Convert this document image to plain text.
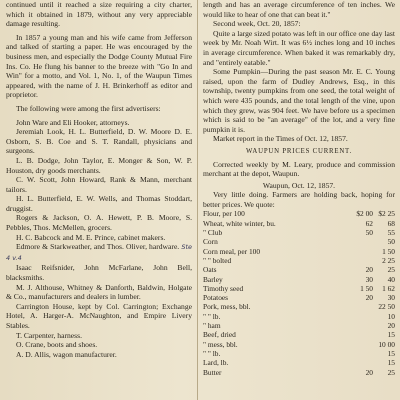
continued until it reached a size requiring a city charter, which it obtained in 1879, without any very appreciable damage resulting.

In 1857 a young man and his wife came from Jefferson and talked of starting a paper. He was encouraged by the business men, and especially the Dodge County Mutual Fire Ins. Co. He flung his banner to the breeze with "Go In and Win" for a motto, and Vol. 1, No. 1, of the Waupun Times appeared, with the name of J. H. Brinkerhoff as editor and proprietor.

The following were among the first advertisers:

John Ware and Eli Hooker, attorneys.

Jeremiah Look, H. L. Butterfield, D. W. Moore D. E. Osborn, S. B. Coe and S. T. Randall, physicians and surgeons.

L. B. Dodge, John Taylor, E. Monger & Son, W. P. Houston, dry goods merchants.

C. W. Scott, John Howard, Rank & Mann, merchant tailors.

H. L. Butterfield, E. W. Wells, and Thomas Stoddart, druggist.

Rogers & Jackson, O. A. Hewett, P. B. Moore, S. Pebbles, Thos. McMellen, grocers.

H. C. Babcock and M. E. Prince, cabinet makers.

Edmore & Starkweather, and Thos. Oliver, hardware. Ste 4 v.4

Isaac Reifsnider, John McFarlane, John Bell, blacksmiths.

M. J. Althouse, Whitney & Danforth, Baldwin, Holgate & Co., manufacturers and dealers in lumber.

Carrington House, kept by Col. Carrington; Exchange Hotel, A. Harger-A. McNaughton, and Empire Livery Stables.

T. Carpenter, harness.

O. Crane, boots and shoes.

A. D. Allis, wagon manufacturer.

length and has an average circumference of ten inches. We would like to hear of one that can beat it."

Second week, Oct. 20, 1857:

Quite a large sized potato was left in our office one day last week by Mr. Noah Wirt. It was 6½ inches long and 10 inches in average circumference. When baked it was remarkably dry, and "entirely eatable."

Some Pumpkin—During the past season Mr. E. C. Young raised, upon the farm of Dudley Andrews, Esq., in this township, twenty pumpkins from one seed, the total weight of which were 435 pounds, and the total length of the vine, upon which they grew, was 904 feet. We have before us a specimen which is said to be "an average" of the lot, and a very fine pumpkin it is.

Market report in the Times of Oct. 12, 1857.

WAUPUN PRICES CURRENT.

Corrected weekly by M. Leary, produce and commission merchant at the depot, Waupun.

Waupun, Oct. 12, 1857.

Very little doing. Farmers are holding back, hoping for better prices. We quote:

Flour, per 100		$2 00	$2 25
Wheat, white winter, bu.		62	68
" Club		50	55
Corn			50
Corn meal, per 100			1 50
" " bolted			2 25
Oats		20	25
Barley		30	40
Timothy seed		1 50	1 62
Potatoes		20	30
Pork, mess, bbl.			22 50
" " lb.			10
" ham			20
Beef, dried			15
" mess, bbl.			10 00
" " lb.			15
Lard, lb.			15
Butter		20	25
